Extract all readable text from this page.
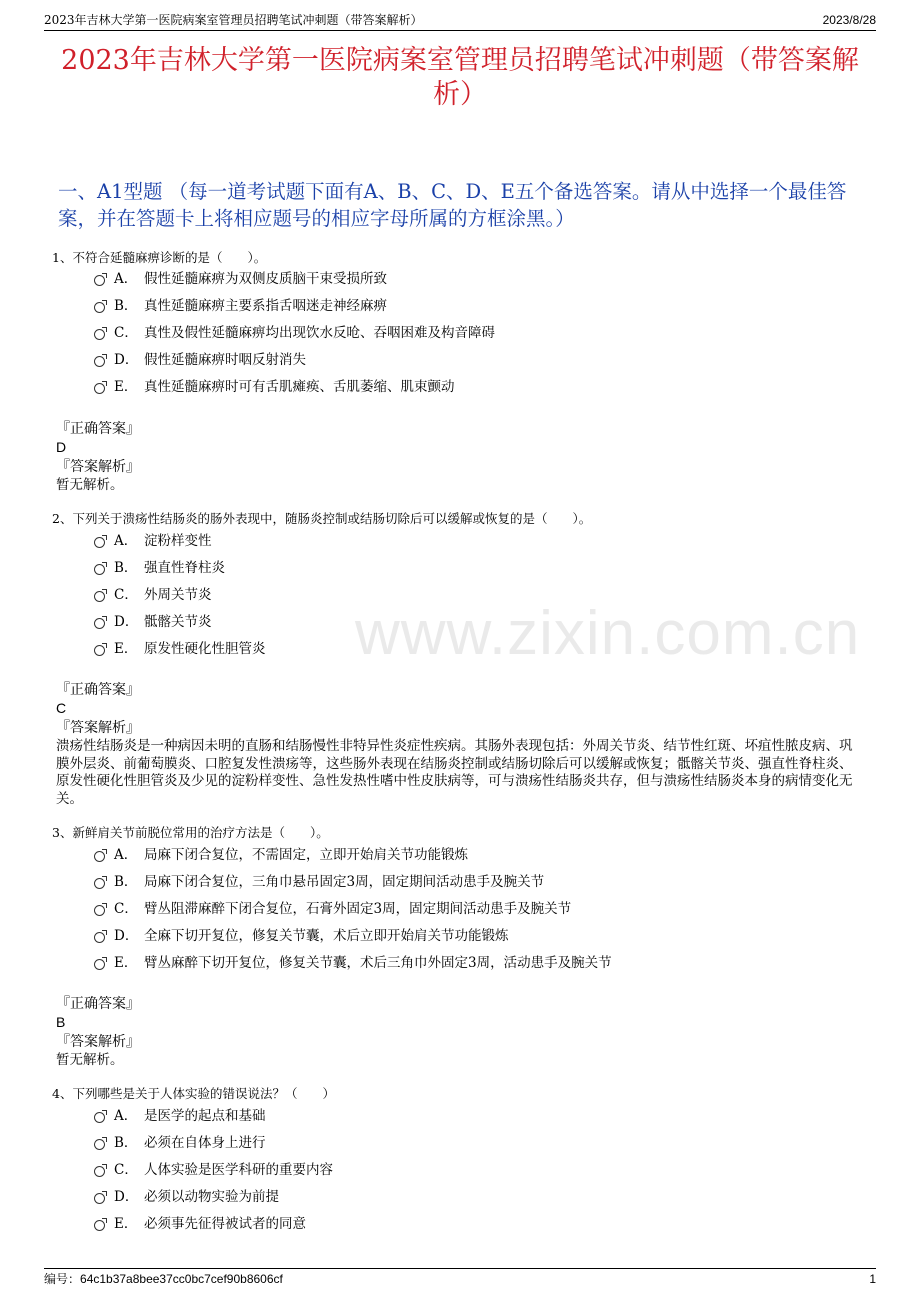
2023年吉林大学第一医院病案室管理员招聘笔试冲刺题（带答案解析）	2023/8/28
2023年吉林大学第一医院病案室管理员招聘笔试冲刺题（带答案解析）
一、A1型题 （每一道考试题下面有A、B、C、D、E五个备选答案。请从中选择一个最佳答案，并在答题卡上将相应题号的相应字母所属的方框涂黑。）
www.zixin.com.cn
1、不符合延髓麻痹诊断的是（　　）。
A． 假性延髓麻痹为双侧皮质脑干束受损所致
B． 真性延髓麻痹主要系指舌咽迷走神经麻痹
C． 真性及假性延髓麻痹均出现饮水反呛、吞咽困难及构音障碍
D． 假性延髓麻痹时咽反射消失
E． 真性延髓麻痹时可有舌肌瘫痪、舌肌萎缩、肌束颤动
『正确答案』
D
『答案解析』
暂无解析。
2、下列关于溃疡性结肠炎的肠外表现中，随肠炎控制或结肠切除后可以缓解或恢复的是（　　）。
A． 淀粉样变性
B． 强直性脊柱炎
C． 外周关节炎
D． 骶髂关节炎
E． 原发性硬化性胆管炎
『正确答案』
C
『答案解析』
溃疡性结肠炎是一种病因未明的直肠和结肠慢性非特异性炎症性疾病。其肠外表现包括：外周关节炎、结节性红斑、坏疽性脓皮病、巩膜外层炎、前葡萄膜炎、口腔复发性溃疡等，这些肠外表现在结肠炎控制或结肠切除后可以缓解或恢复；骶髂关节炎、强直性脊柱炎、原发性硬化性胆管炎及少见的淀粉样变性、急性发热性嗜中性皮肤病等，可与溃疡性结肠炎共存，但与溃疡性结肠炎本身的病情变化无关。
3、新鲜肩关节前脱位常用的治疗方法是（　　）。
A． 局麻下闭合复位，不需固定，立即开始肩关节功能锻炼
B． 局麻下闭合复位，三角巾悬吊固定3周，固定期间活动患手及腕关节
C． 臂丛阻滞麻醉下闭合复位，石膏外固定3周，固定期间活动患手及腕关节
D． 全麻下切开复位，修复关节囊，术后立即开始肩关节功能锻炼
E． 臂丛麻醉下切开复位，修复关节囊，术后三角巾外固定3周，活动患手及腕关节
『正确答案』
B
『答案解析』
暂无解析。
4、下列哪些是关于人体实验的错误说法？（　　）
A． 是医学的起点和基础
B． 必须在自体身上进行
C． 人体实验是医学科研的重要内容
D． 必须以动物实验为前提
E． 必须事先征得被试者的同意
编号：64c1b37a8bee37cc0bc7cef90b8606cf	1
